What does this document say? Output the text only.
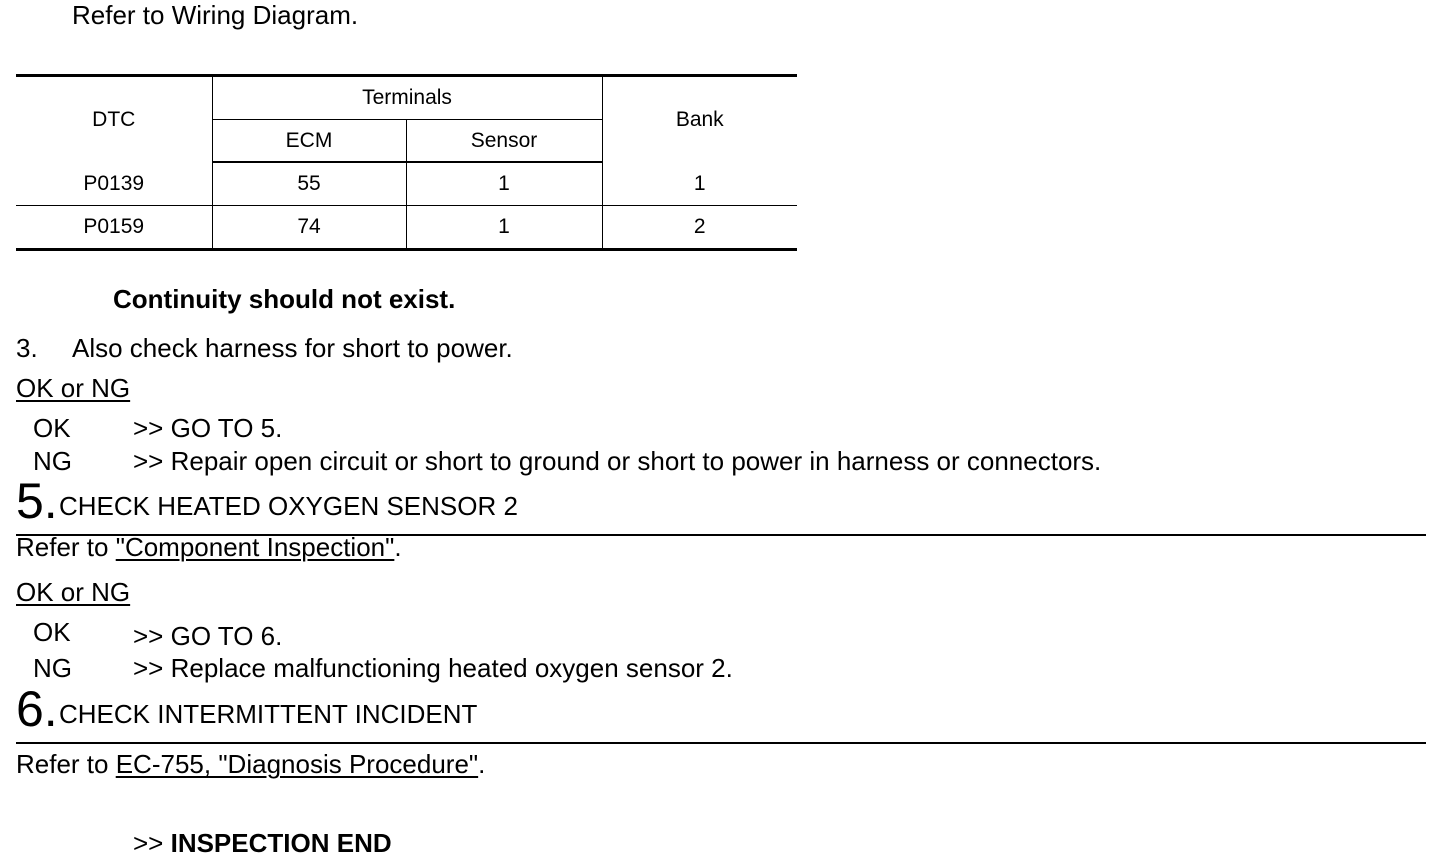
Refer to Wiring Diagram.
DTC	Terminals		Bank
	ECM	Sensor	
P0139	55	1	1
P0159	74	1	2
Continuity should not exist.
3. Also check harness for short to power.
OK or NG
OK >> GO TO 5.
NG >> Repair open circuit or short to ground or short to power in harness or connectors.
5. CHECK HEATED OXYGEN SENSOR 2
Refer to "Component Inspection".
OK or NG
OK >> GO TO 6.
NG >> Replace malfunctioning heated oxygen sensor 2.
6. CHECK INTERMITTENT INCIDENT
Refer to EC-755, "Diagnosis Procedure".
>> INSPECTION END
